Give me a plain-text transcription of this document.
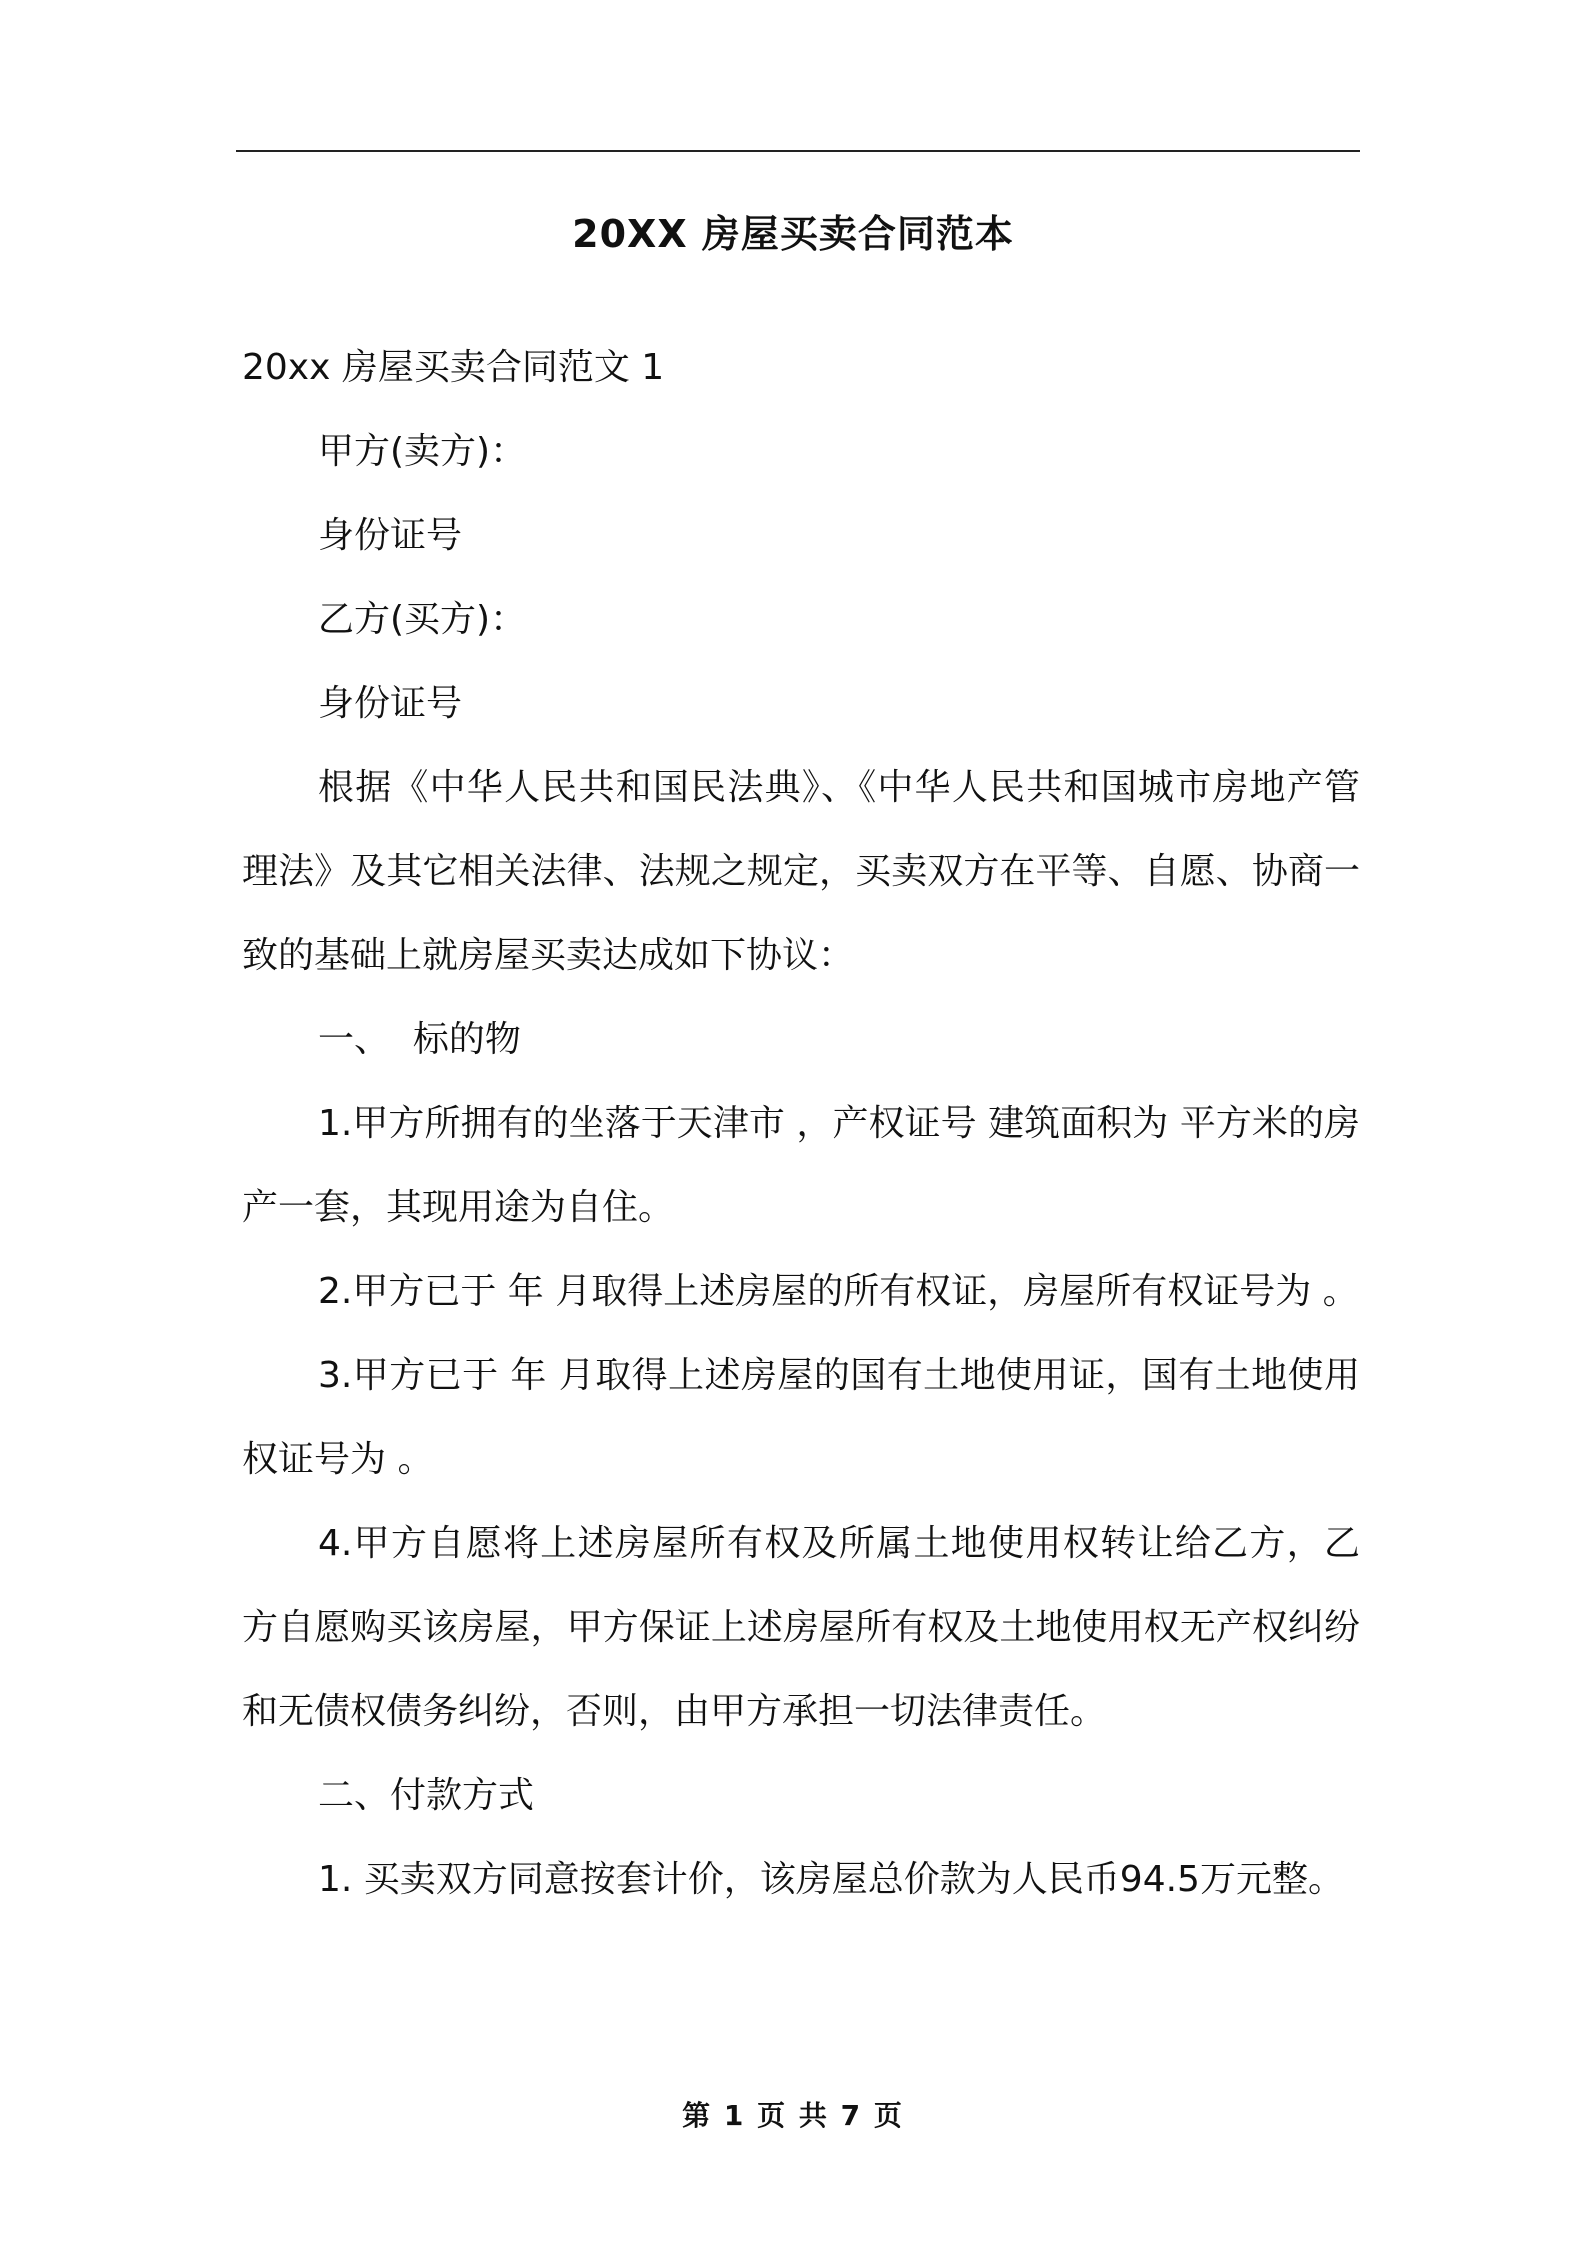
20XX 房屋买卖合同范本

20xx 房屋买卖合同范文 1

甲方(卖方)：

身份证号

乙方(买方)：

身份证号

根据《中华人民共和国民法典》、《中华人民共和国城市房地产管理法》及其它相关法律、法规之规定，买卖双方在平等、自愿、协商一致的基础上就房屋买卖达成如下协议：

一、  标的物

1.甲方所拥有的坐落于天津市 ，产权证号 建筑面积为 平方米的房产一套，其现用途为自住。

2.甲方已于 年 月取得上述房屋的所有权证，房屋所有权证号为 。

3.甲方已于 年 月取得上述房屋的国有土地使用证，国有土地使用权证号为 。

4.甲方自愿将上述房屋所有权及所属土地使用权转让给乙方，乙方自愿购买该房屋，甲方保证上述房屋所有权及土地使用权无产权纠纷和无债权债务纠纷，否则，由甲方承担一切法律责任。

二、付款方式

1. 买卖双方同意按套计价，该房屋总价款为人民币94.5万元整。

第 1 页 共 7 页
